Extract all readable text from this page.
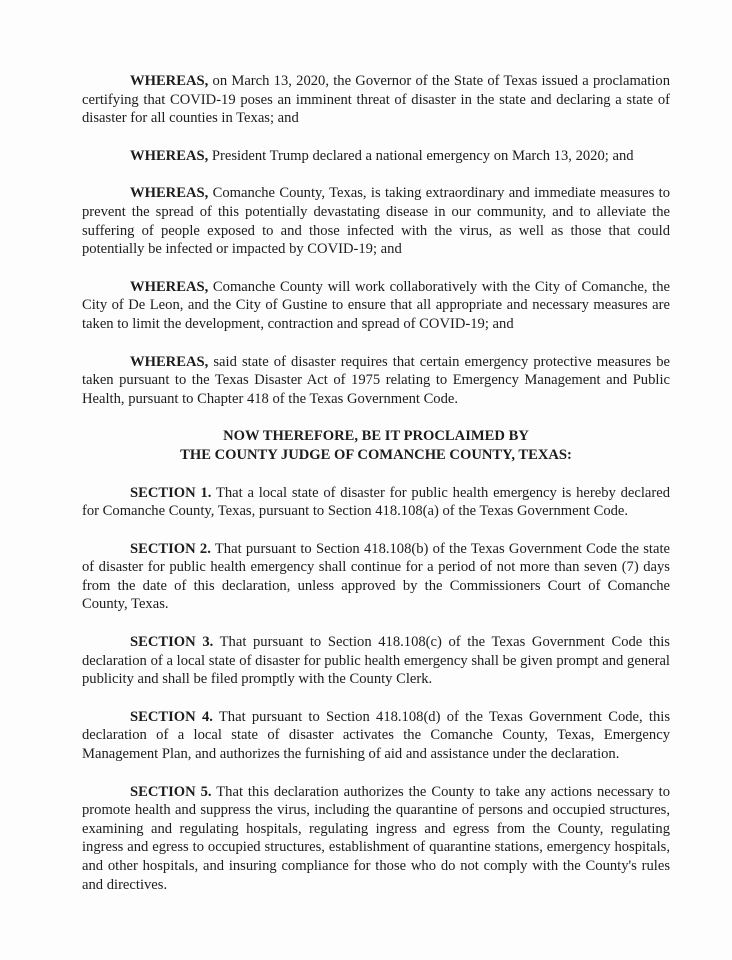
WHEREAS, on March 13, 2020, the Governor of the State of Texas issued a proclamation certifying that COVID-19 poses an imminent threat of disaster in the state and declaring a state of disaster for all counties in Texas; and

WHEREAS, President Trump declared a national emergency on March 13, 2020; and

WHEREAS, Comanche County, Texas, is taking extraordinary and immediate measures to prevent the spread of this potentially devastating disease in our community, and to alleviate the suffering of people exposed to and those infected with the virus, as well as those that could potentially be infected or impacted by COVID-19; and

WHEREAS, Comanche County will work collaboratively with the City of Comanche, the City of De Leon, and the City of Gustine to ensure that all appropriate and necessary measures are taken to limit the development, contraction and spread of COVID-19; and

WHEREAS, said state of disaster requires that certain emergency protective measures be taken pursuant to the Texas Disaster Act of 1975 relating to Emergency Management and Public Health, pursuant to Chapter 418 of the Texas Government Code.

NOW THEREFORE, BE IT PROCLAIMED BY
THE COUNTY JUDGE OF COMANCHE COUNTY, TEXAS:

SECTION 1. That a local state of disaster for public health emergency is hereby declared for Comanche County, Texas, pursuant to Section 418.108(a) of the Texas Government Code.

SECTION 2. That pursuant to Section 418.108(b) of the Texas Government Code the state of disaster for public health emergency shall continue for a period of not more than seven (7) days from the date of this declaration, unless approved by the Commissioners Court of Comanche County, Texas.

SECTION 3. That pursuant to Section 418.108(c) of the Texas Government Code this declaration of a local state of disaster for public health emergency shall be given prompt and general publicity and shall be filed promptly with the County Clerk.

SECTION 4. That pursuant to Section 418.108(d) of the Texas Government Code, this declaration of a local state of disaster activates the Comanche County, Texas, Emergency Management Plan, and authorizes the furnishing of aid and assistance under the declaration.

SECTION 5. That this declaration authorizes the County to take any actions necessary to promote health and suppress the virus, including the quarantine of persons and occupied structures, examining and regulating hospitals, regulating ingress and egress from the County, regulating ingress and egress to occupied structures, establishment of quarantine stations, emergency hospitals, and other hospitals, and insuring compliance for those who do not comply with the County's rules and directives.
